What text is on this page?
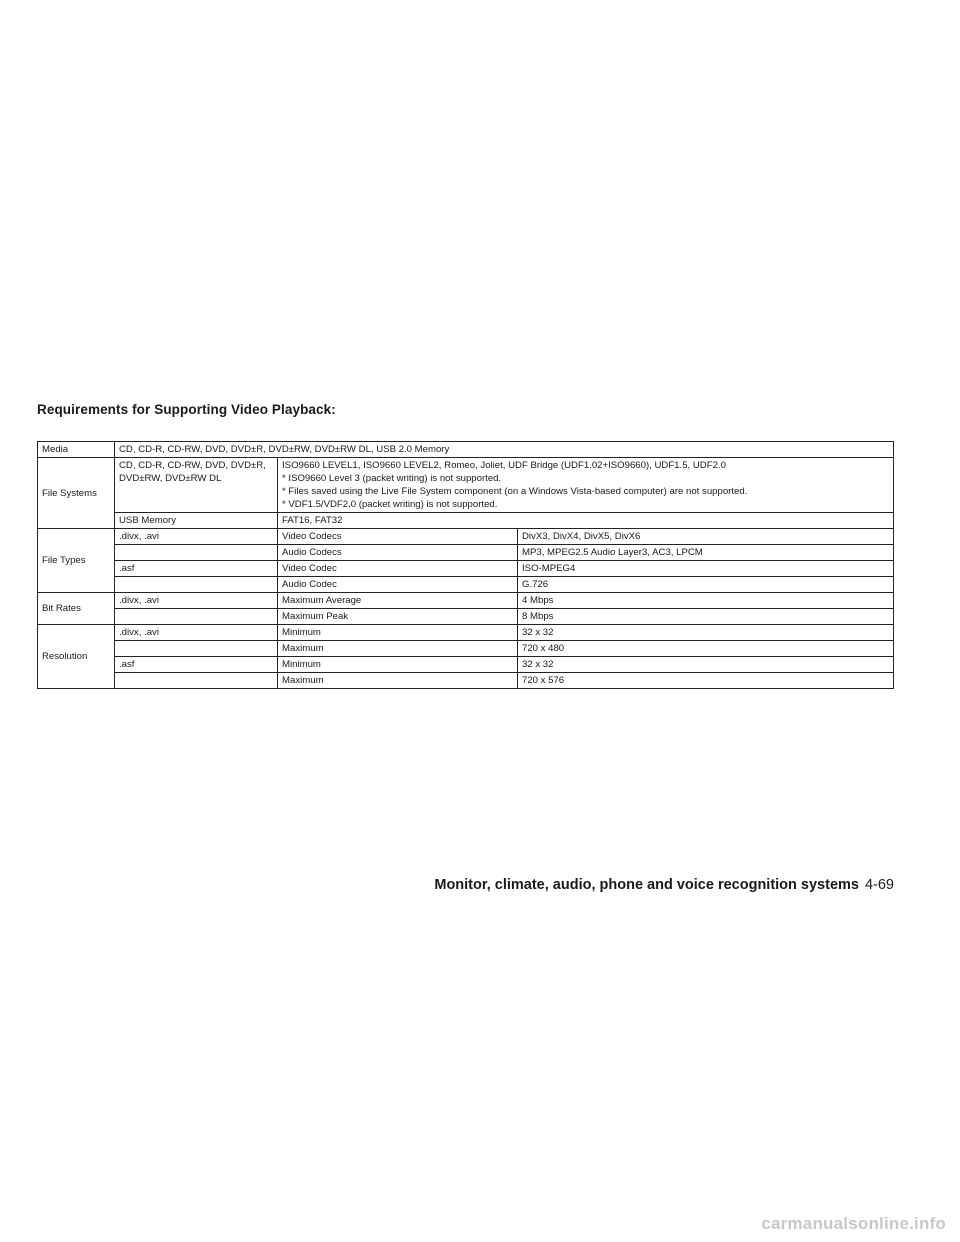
Requirements for Supporting Video Playback:
Media	CD, CD-R, CD-RW, DVD, DVD±R, DVD±RW, DVD±RW DL, USB 2.0 Memory		
File Systems	CD, CD-R, CD-RW, DVD, DVD±R, DVD±RW, DVD±RW DL	ISO9660 LEVEL1, ISO9660 LEVEL2, Romeo, Joliet, UDF Bridge (UDF1.02+ISO9660), UDF1.5, UDF2.0
* ISO9660 Level 3 (packet writing) is not supported.
* Files saved using the Live File System component (on a Windows Vista-based computer) are not supported.
* VDF1.5/VDF2.0 (packet writing) is not supported.	

	USB Memory	FAT16, FAT32	
File Types	.divx, .avi	Video Codecs	DivX3, DivX4, DivX5, DivX6
		Audio Codecs	MP3, MPEG2.5 Audio Layer3, AC3, LPCM
	.asf	Video Codec	ISO-MPEG4
		Audio Codec	G.726
Bit Rates	.divx, .avi	Maximum Average	4 Mbps
		Maximum Peak	8 Mbps
Resolution	.divx, .avi	Minimum	32 x 32
		Maximum	720 x 480
	.asf	Minimum	32 x 32
		Maximum	720 x 576
Monitor, climate, audio, phone and voice recognition systems 4-69
carmanualsonline.info
